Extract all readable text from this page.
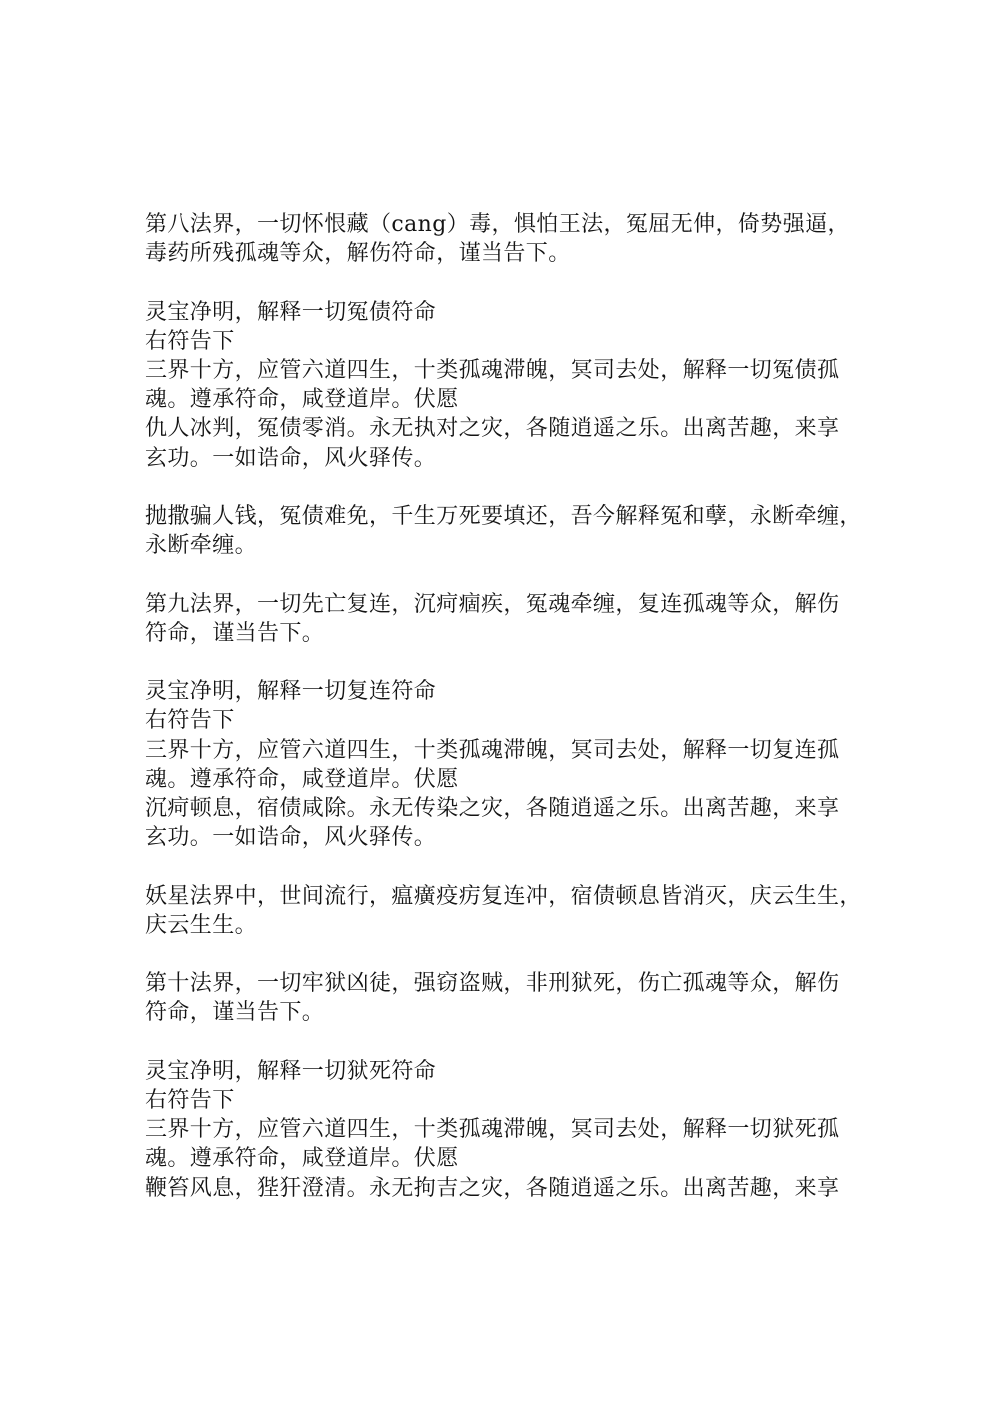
第八法界，一切怀恨藏（cang）毒，惧怕王法，冤屈无伸，倚势强逼，
毒药所残孤魂等众，解伤符命，谨当告下。

灵宝净明，解释一切冤债符命
右符告下
三界十方，应管六道四生，十类孤魂滞魄，冥司去处，解释一切冤债孤
魂。遵承符命，咸登道岸。伏愿
仇人冰判，冤债零消。永无执对之灾，各随逍遥之乐。出离苦趣，来享
玄功。一如诰命，风火驿传。

抛撒骗人钱，冤债难免，千生万死要填还，吾今解释冤和孽，永断牵缠，
永断牵缠。

第九法界，一切先亡复连，沉疴痼疾，冤魂牵缠，复连孤魂等众，解伤
符命，谨当告下。

灵宝净明，解释一切复连符命
右符告下
三界十方，应管六道四生，十类孤魂滞魄，冥司去处，解释一切复连孤
魂。遵承符命，咸登道岸。伏愿
沉疴顿息，宿债咸除。永无传染之灾，各随逍遥之乐。出离苦趣，来享
玄功。一如诰命，风火驿传。

妖星法界中，世间流行，瘟癀疫疠复连冲，宿债顿息皆消灭，庆云生生，
庆云生生。

第十法界，一切牢狱凶徒，强窃盗贼，非刑狱死，伤亡孤魂等众，解伤
符命，谨当告下。

灵宝净明，解释一切狱死符命
右符告下
三界十方，应管六道四生，十类孤魂滞魄，冥司去处，解释一切狱死孤
魂。遵承符命，咸登道岸。伏愿
鞭笞风息，狴犴澄清。永无拘吉之灾，各随逍遥之乐。出离苦趣，来享
